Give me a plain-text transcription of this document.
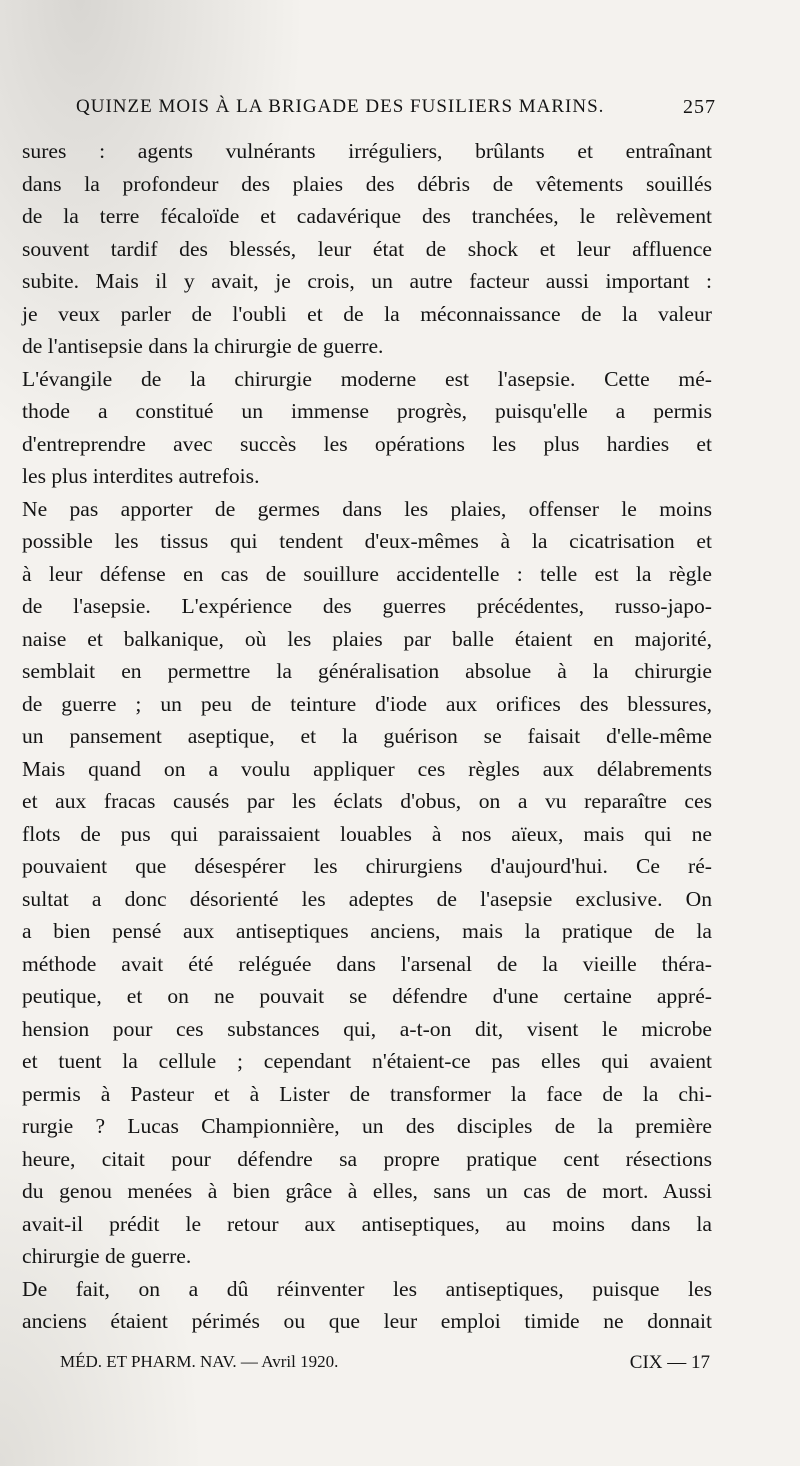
QUINZE MOIS À LA BRIGADE DES FUSILIERS MARINS.	257
sures : agents vulnérants irréguliers, brûlants et entraînant
dans la profondeur des plaies des débris de vêtements souillés
de la terre fécaloïde et cadavérique des tranchées, le relèvement
souvent tardif des blessés, leur état de shock et leur affluence
subite. Mais il y avait, je crois, un autre facteur aussi important :
je veux parler de l'oubli et de la méconnaissance de la valeur
de l'antisepsie dans la chirurgie de guerre.
L'évangile de la chirurgie moderne est l'asepsie. Cette mé-
thode a constitué un immense progrès, puisqu'elle a permis
d'entreprendre avec succès les opérations les plus hardies et
les plus interdites autrefois.
Ne pas apporter de germes dans les plaies, offenser le moins
possible les tissus qui tendent d'eux-mêmes à la cicatrisation et
à leur défense en cas de souillure accidentelle : telle est la règle
de l'asepsie. L'expérience des guerres précédentes, russo-japo-
naise et balkanique, où les plaies par balle étaient en majorité,
semblait en permettre la généralisation absolue à la chirurgie
de guerre ; un peu de teinture d'iode aux orifices des blessures,
un pansement aseptique, et la guérison se faisait d'elle-même
Mais quand on a voulu appliquer ces règles aux délabrements
et aux fracas causés par les éclats d'obus, on a vu reparaître ces
flots de pus qui paraissaient louables à nos aïeux, mais qui ne
pouvaient que désespérer les chirurgiens d'aujourd'hui. Ce ré-
sultat a donc désorienté les adeptes de l'asepsie exclusive. On
a bien pensé aux antiseptiques anciens, mais la pratique de la
méthode avait été reléguée dans l'arsenal de la vieille théra-
peutique, et on ne pouvait se défendre d'une certaine appré-
hension pour ces substances qui, a-t-on dit, visent le microbe
et tuent la cellule ; cependant n'étaient-ce pas elles qui avaient
permis à Pasteur et à Lister de transformer la face de la chi-
rurgie ? Lucas Championnière, un des disciples de la première
heure, citait pour défendre sa propre pratique cent résections
du genou menées à bien grâce à elles, sans un cas de mort. Aussi
avait-il prédit le retour aux antiseptiques, au moins dans la
chirurgie de guerre.
De fait, on a dû réinventer les antiseptiques, puisque les
anciens étaient périmés ou que leur emploi timide ne donnait
MÉD. ET PHARM. NAV. — Avril 1920.	CIX — 17
